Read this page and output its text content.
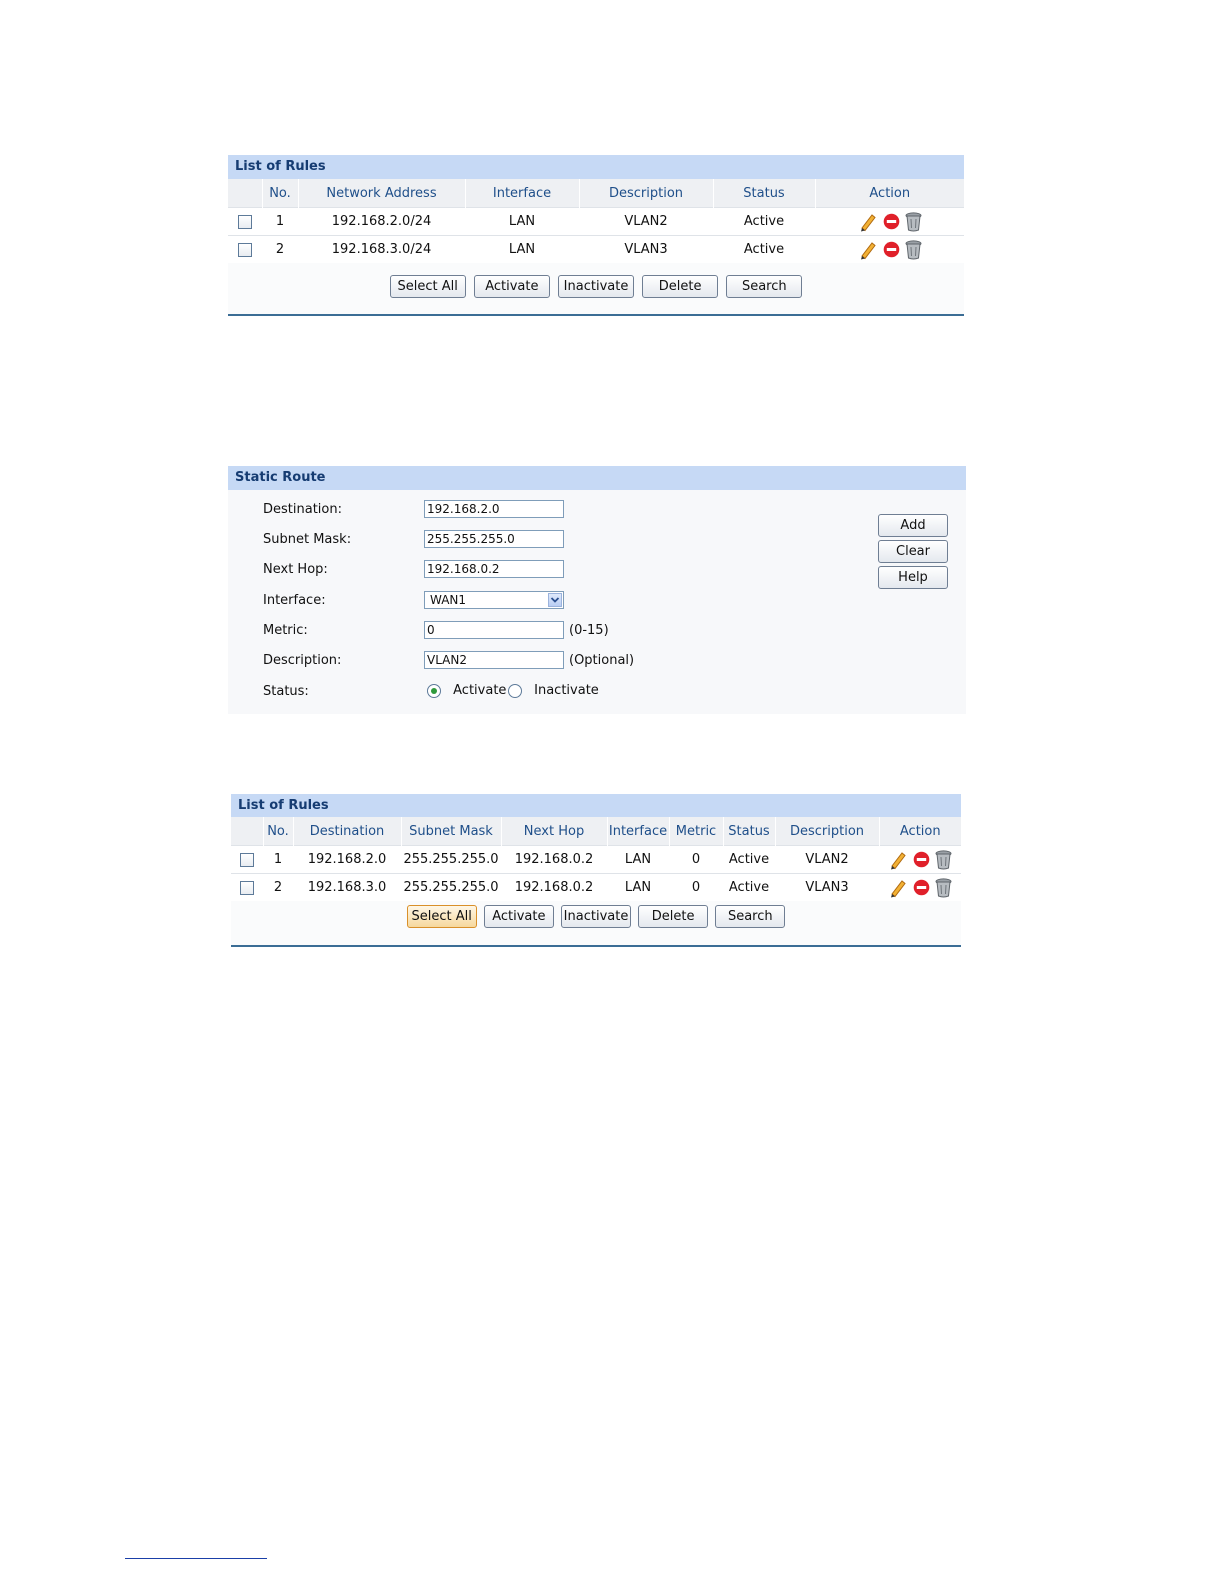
List of Rules
	No.	Network Address	Interface	Description	Status	Action
	1	192.168.2.0/24	LAN	VLAN2	Active	

	2	192.168.3.0/24	LAN	VLAN3	Active	
Select All Activate Inactivate Delete	Search
Static Route
Destination:	192.168.2.0
Subnet Mask:	255.255.255.0
Next Hop:	192.168.0.2
Interface:	WAN1
Metric:	0	(0-15)
Description:	VLAN2	(Optional)
Status:	Activate	Inactivate
Add
Clear
Help
List of Rules
	No.	Destination	Subnet Mask	Next Hop	Interface	Metric	Status	Description	Action
	1	192.168.2.0	255.255.255.0	192.168.0.2	LAN	0	Active	VLAN2	

	2	192.168.3.0	255.255.255.0	192.168.0.2	LAN	0	Active	VLAN3	
Select All Activate Inactivate Delete	Search
